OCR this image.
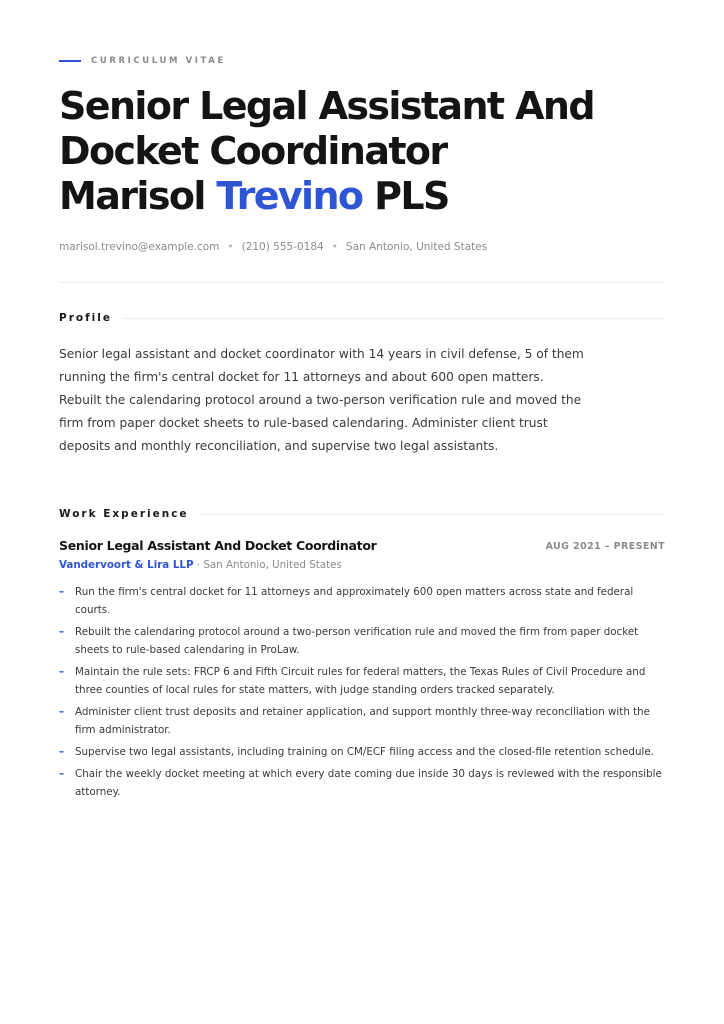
CURRICULUM VITAE
Senior Legal Assistant And
Docket Coordinator
Marisol Trevino PLS
marisol.trevino@example.com • (210) 555-0184 • San Antonio, United States
Profile

Senior legal assistant and docket coordinator with 14 years in civil defense, 5 of them running the firm's central docket for 11 attorneys and about 600 open matters. Rebuilt the calendaring protocol around a two-person verification rule and moved the firm from paper docket sheets to rule-based calendaring. Administer client trust deposits and monthly reconciliation, and supervise two legal assistants.

Work Experience
Senior Legal Assistant And Docket Coordinator	AUG 2021 – PRESENT
Vandervoort & Lira LLP · San Antonio, United States
– Run the firm's central docket for 11 attorneys and approximately 600 open matters across state and federal courts.
– Rebuilt the calendaring protocol around a two-person verification rule and moved the firm from paper docket sheets to rule-based calendaring in ProLaw.
– Maintain the rule sets: FRCP 6 and Fifth Circuit rules for federal matters, the Texas Rules of Civil Procedure and three counties of local rules for state matters, with judge standing orders tracked separately.
– Administer client trust deposits and retainer application, and support monthly three-way reconciliation with the firm administrator.
– Supervise two legal assistants, including training on CM/ECF filing access and the closed-file retention schedule.
– Chair the weekly docket meeting at which every date coming due inside 30 days is reviewed with the responsible attorney.
